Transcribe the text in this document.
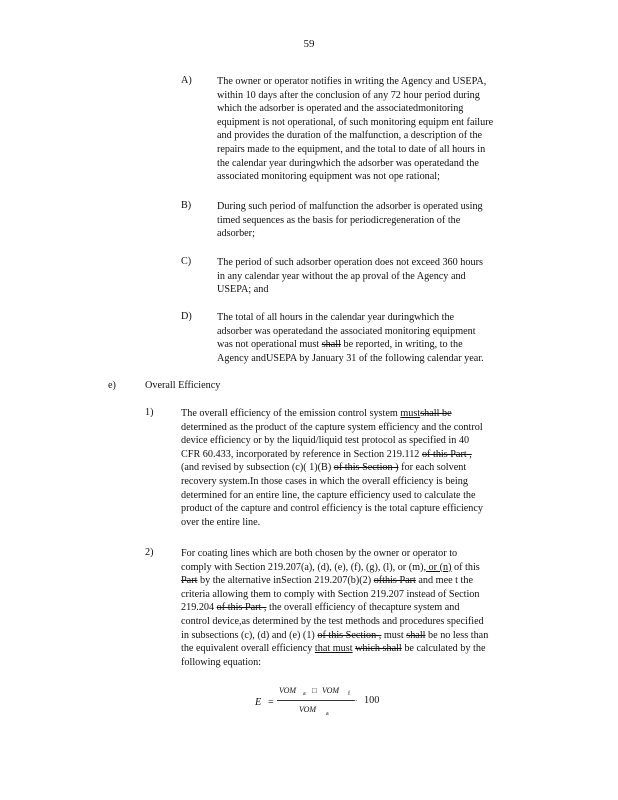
59
A) The owner or operator notifies in writing the Agency and USEPA,
within 10 days after the conclusion of any 72 hour period during
which the adsorber is operated and the associatedmonitoring
equipment is not operational, of such monitoring equipm ent failure
and provides the duration of the malfunction, a description of the
repairs made to the equipment, and the total to date of all hours in
the calendar year duringwhich the adsorber was operatedand the
associated monitoring equipment was not ope rational;
B)	During such period of malfunction the adsorber is operated using
timed sequences as the basis for periodicregeneration of the
adsorber;
C)	The period of such adsorber operation does not exceed 360 hours
in any calendar year without the ap proval of the Agency and
USEPA; and
D) The total of all hours in the calendar year duringwhich the
adsorber was operatedand the associated monitoring equipment
was not operational must shall be reported, in writing, to the
Agency andUSEPA by January 31 of the following calendar year.
e)	Overall Efficiency
1)	The overall efficiency of the emission control system mustshall be
determined as the product of the capture system efficiency and the control
device efficiency or by the liquid/liquid test protocol as specified in 40
CFR 60.433, incorporated by reference in Section 219.112 of this Part ,
(and revised by subsection (c)( 1)(B) of this Section ) for each solvent
recovery system.In those cases in which the overall efficiency is being
determined for an entire line, the capture efficiency used to calculate the
product of the capture and control efficiency is the total capture efficiency
over the entire line.
2)	For coating lines which are both chosen by the owner or operator to
comply with Section 219.207(a), (d), (e), (f), (g), (l), or (m), or (n) of this
Part by the alternative inSection 219.207(b)(2) ofthis Part and mee t the
criteria allowing them to comply with Section 219.207 instead of Section
219.204 of this Part , the overall efficiency of thecapture system and
control device,as determined by the test methods and procedures specified
in subsections (c), (d) and (e) (1) of this Section , must shall be no less than
the equivalent overall efficiency that must which shall be calculated by the
following equation:
E =
VOM a □ VOM f
VOM a
· 100
